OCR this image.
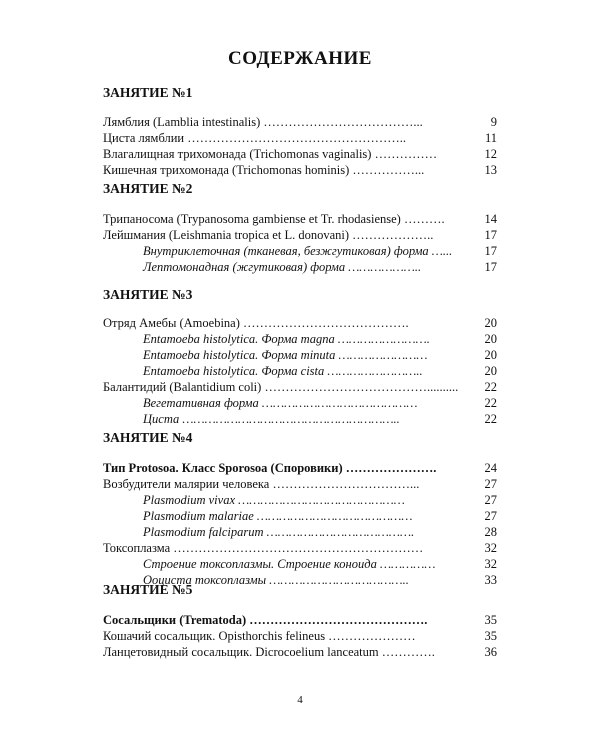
СОДЕРЖАНИЕ
ЗАНЯТИЕ №1
Лямблия (Lamblia intestinalis) ………………………………...	9
Циста лямблии ……………………………………………..	11
Влагалищная трихомонада (Trichomonas vaginalis) ……………	12
Кишечная трихомонада (Trichomonas hominis) ……………...	13
ЗАНЯТИЕ №2
Трипаносома (Trypanosoma gambiense et Tr. rhodasiense) ……….	14
Лейшмания (Leishmania tropica et L. donovani) ………………..	17
Внутриклеточная (тканевая, безжгутиковая) форма …...	17
Лептомонадная (жгутиковая) форма ………………..	17
ЗАНЯТИЕ №3
Отряд Амебы (Amoebina) ………………………………….	20
Entamoeba histolytica. Форма magna …………………….	20
Entamoeba histolytica. Форма minuta ……………………	20
Entamoeba histolytica. Форма cista ……………………..	20
Балантидий (Balantidium coli) …………………………………..........	22
Вегетативная форма ……………………………………	22
Циста …………………………………………………..	22
ЗАНЯТИЕ №4
Тип Protosoa. Класс Sporosoa (Споровики) ………………….	24
Возбудители малярии человека ……………………………...	27
Plasmodium vivax ………………………………………	27
Plasmodium malariae ……………………………………	27
Plasmodium falciparum ………………………………….	28
Токсоплазма ……………………………………………………	32
Строение токсоплазмы. Строение коноида ……………	32
Ооциста токсоплазмы ………………………………..	33
ЗАНЯТИЕ №5
Сосальщики (Trematoda) …………………………………….	35
Кошачий сосальщик. Opisthorchis felineus …………………	35
Ланцетовидный сосальщик. Dicrocoelium lanceatum ………….	36
4
